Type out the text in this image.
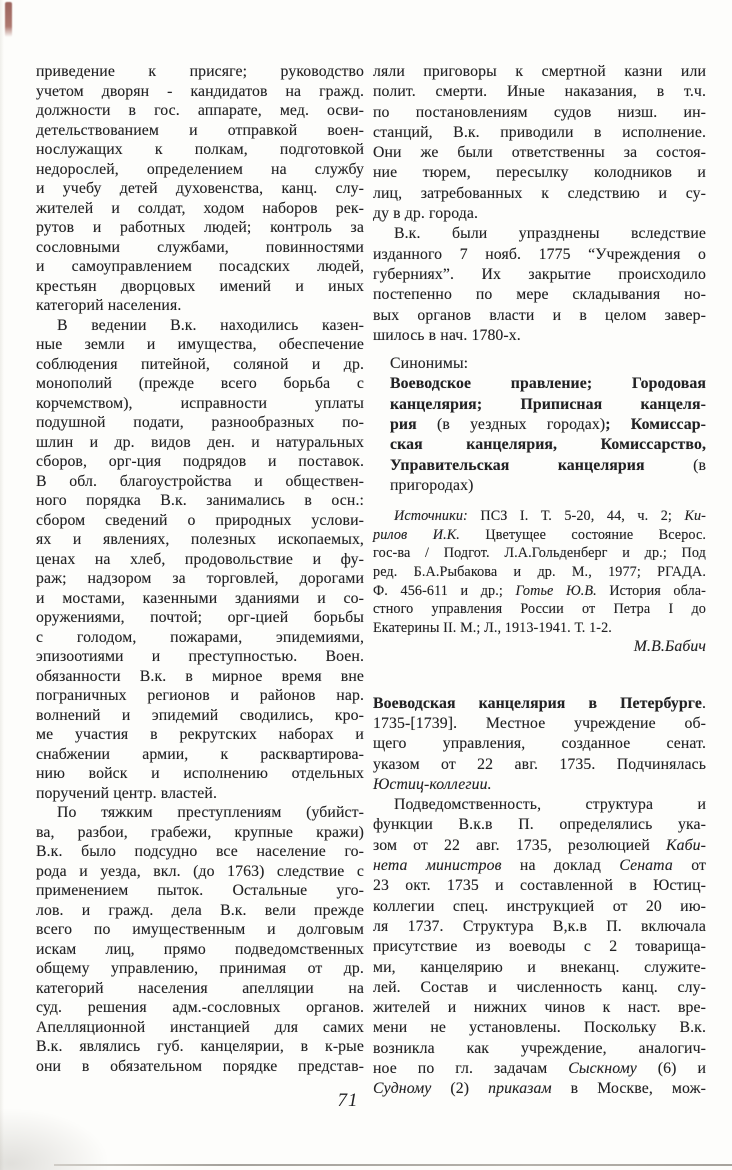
приведение к присяге; руководство
учетом дворян - кандидатов на гражд.
должности в гос. аппарате, мед. осви-
детельствованием и отправкой воен-
нослужащих к полкам, подготовкой
недорослей, определением на службу
и учебу детей духовенства, канц. слу-
жителей и солдат, ходом наборов рек-
рутов и работных людей; контроль за
сословными службами, повинностями
и самоуправлением посадских людей,
крестьян дворцовых имений и иных
категорий населения.
В ведении В.к. находились казен-
ные земли и имущества, обеспечение
соблюдения питейной, соляной и др.
монополий (прежде всего борьба с
корчемством), исправности уплаты
подушной подати, разнообразных по-
шлин и др. видов ден. и натуральных
сборов, орг-ция подрядов и поставок.
В обл. благоустройства и обществен-
ного порядка В.к. занимались в осн.:
сбором сведений о природных услови-
ях и явлениях, полезных ископаемых,
ценах на хлеб, продовольствие и фу-
раж; надзором за торговлей, дорогами
и мостами, казенными зданиями и со-
оружениями, почтой; орг-цией борьбы
с голодом, пожарами, эпидемиями,
эпизоотиями и преступностью. Воен.
обязанности В.к. в мирное время вне
пограничных регионов и районов нар.
волнений и эпидемий сводились, кро-
ме участия в рекрутских наборах и
снабжении армии, к расквартирова-
нию войск и исполнению отдельных
поручений центр. властей.
По тяжким преступлениям (убийст-
ва, разбои, грабежи, крупные кражи)
В.к. было подсудно все население го-
рода и уезда, вкл. (до 1763) следствие с
применением пыток. Остальные уго-
лов. и гражд. дела В.к. вели прежде
всего по имущественным и долговым
искам лиц, прямо подведомственных
общему управлению, принимая от др.
категорий населения апелляции на
суд. решения адм.-сословных органов.
Апелляционной инстанцией для самих
В.к. являлись губ. канцелярии, в к-рые
они в обязательном порядке представ-
ляли приговоры к смертной казни или
полит. смерти. Иные наказания, в т.ч.
по постановлениям судов низш. ин-
станций, В.к. приводили в исполнение.
Они же были ответственны за состоя-
ние тюрем, пересылку колодников и
лиц, затребованных к следствию и су-
ду в др. города.
В.к. были упразднены вследствие
изданного 7 нояб. 1775 “Учреждения о
губерниях”. Их закрытие происходило
постепенно по мере складывания но-
вых органов власти и в целом завер-
шилось в нач. 1780-х.
Синонимы:
Воеводское правление; Городовая
канцелярия; Приписная канцеля-
рия (в уездных городах); Комиссар-
ская канцелярия, Комиссарство,
Управительская канцелярия (в
пригородах)
Источники: ПСЗ I. Т. 5-20, 44, ч. 2; Ки-
рилов И.К. Цветущее состояние Всерос.
гос-ва / Подгот. Л.А.Гольденберг и др.; Под
ред. Б.А.Рыбакова и др. М., 1977; РГАДА.
Ф. 456-611 и др.; Готье Ю.В. История обла-
стного управления России от Петра I до
Екатерины II. М.; Л., 1913-1941. Т. 1-2.
М.В.Бабич
Воеводская канцелярия в Петербурге.
1735-[1739]. Местное учреждение об-
щего управления, созданное сенат.
указом от 22 авг. 1735. Подчинялась
Юстиц-коллегии.
Подведомственность, структура и
функции В.к.в П. определялись ука-
зом от 22 авг. 1735, резолюцией Каби-
нета министров на доклад Сената от
23 окт. 1735 и составленной в Юстиц-
коллегии спец. инструкцией от 20 ию-
ля 1737. Структура В,к.в П. включала
присутствие из воеводы с 2 товарища-
ми, канцелярию и внеканц. служите-
лей. Состав и численность канц. слу-
жителей и нижних чинов к наст. вре-
мени не установлены. Поскольку В.к.
возникла как учреждение, аналогич-
ное по гл. задачам Сыскному (6) и
Судному (2) приказам в Москве, мож-
71
